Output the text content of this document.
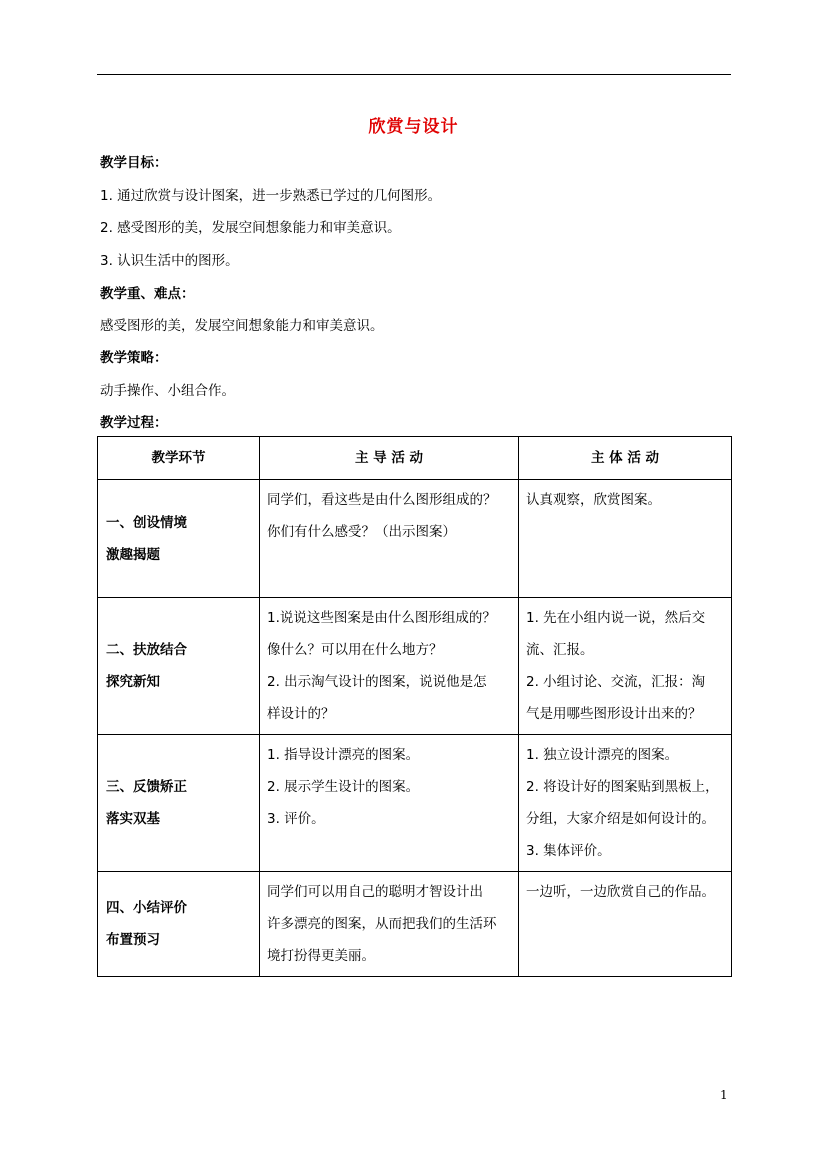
欣赏与设计
教学目标：
1. 通过欣赏与设计图案，进一步熟悉已学过的几何图形。
2. 感受图形的美，发展空间想象能力和审美意识。
3. 认识生活中的图形。
教学重、难点：
感受图形的美，发展空间想象能力和审美意识。
教学策略：
动手操作、小组合作。
教学过程：
教学环节	主 导 活 动	主 体 活 动

一、创设情境
激趣揭题	同学们，看这些是由什么图形组成的？
你们有什么感受？（出示图案）	认真观察，欣赏图案。

二、扶放结合
探究新知	1.说说这些图案是由什么图形组成的？
像什么？可以用在什么地方？
2. 出示淘气设计的图案，说说他是怎
样设计的？	1. 先在小组内说一说，然后交
流、汇报。
2. 小组讨论、交流，汇报：淘
气是用哪些图形设计出来的？

三、反馈矫正
落实双基	1. 指导设计漂亮的图案。
2. 展示学生设计的图案。
3. 评价。	1. 独立设计漂亮的图案。
2. 将设计好的图案贴到黑板上，
分组，大家介绍是如何设计的。
3. 集体评价。

四、小结评价
布置预习	同学们可以用自己的聪明才智设计出
许多漂亮的图案，从而把我们的生活环
境打扮得更美丽。	一边听，一边欣赏自己的作品。
1
